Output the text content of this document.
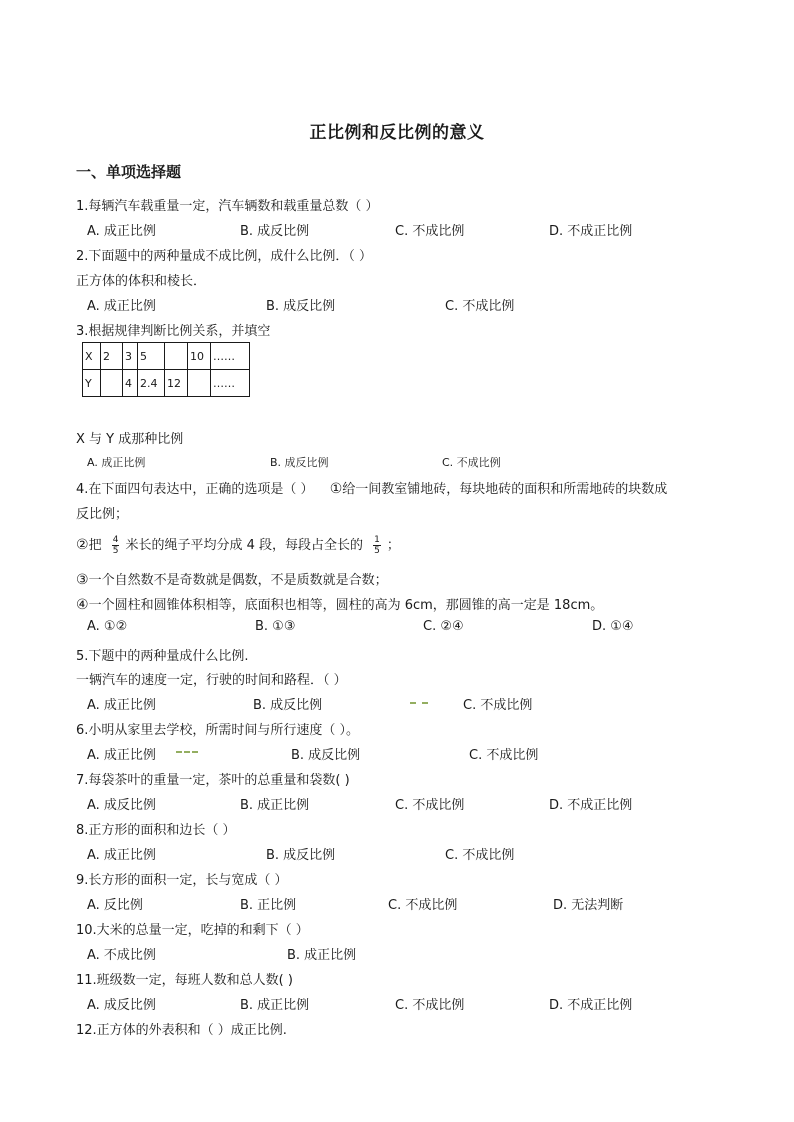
正比例和反比例的意义
一、单项选择题
1.每辆汽车载重量一定，汽车辆数和载重量总数（ ）
A. 成正比例	B. 成反比例	C. 不成比例	D. 不成正比例
2.下面题中的两种量成不成比例，成什么比例．（ ）
正方体的体积和棱长．
A. 成正比例	B. 成反比例	C. 不成比例
3.根据规律判断比例关系，并填空
X	2	3	5		10	……
Y		4	2.4	12		……
X 与 Y 成那种比例
A. 成正比例	B. 成反比例	C. 不成比例
4.在下面四句表达中，正确的选项是（ ） ①给一间教室铺地砖，每块地砖的面积和所需地砖的块数成
反比例；
②把 $\frac{4}{5}$ 米长的绳子平均分成 4 段，每段占全长的 $\frac{1}{5}$ ；
③一个自然数不是奇数就是偶数，不是质数就是合数；
④一个圆柱和圆锥体积相等，底面积也相等，圆柱的高为 6cm，那圆锥的高一定是 18cm。
A. ①②	B. ①③	C. ②④	D. ①④
5.下题中的两种量成什么比例.
一辆汽车的速度一定，行驶的时间和路程．（ ）
A. 成正比例	B. 成反比例	C. 不成比例
6.小明从家里去学校，所需时间与所行速度（ ）。
A. 成正比例	B. 成反比例	C. 不成比例
7.每袋茶叶的重量一定，茶叶的总重量和袋数( )
A. 成反比例	B. 成正比例	C. 不成比例	D. 不成正比例
8.正方形的面积和边长（ ）
A. 成正比例	B. 成反比例	C. 不成比例
9.长方形的面积一定，长与宽成（ ）
A. 反比例	B. 正比例	C. 不成比例	D. 无法判断
10.大米的总量一定，吃掉的和剩下（ ）
A. 不成比例	B. 成正比例
11.班级数一定，每班人数和总人数( )
A. 成反比例	B. 成正比例	C. 不成比例	D. 不成正比例
12.正方体的外表积和（ ）成正比例.
